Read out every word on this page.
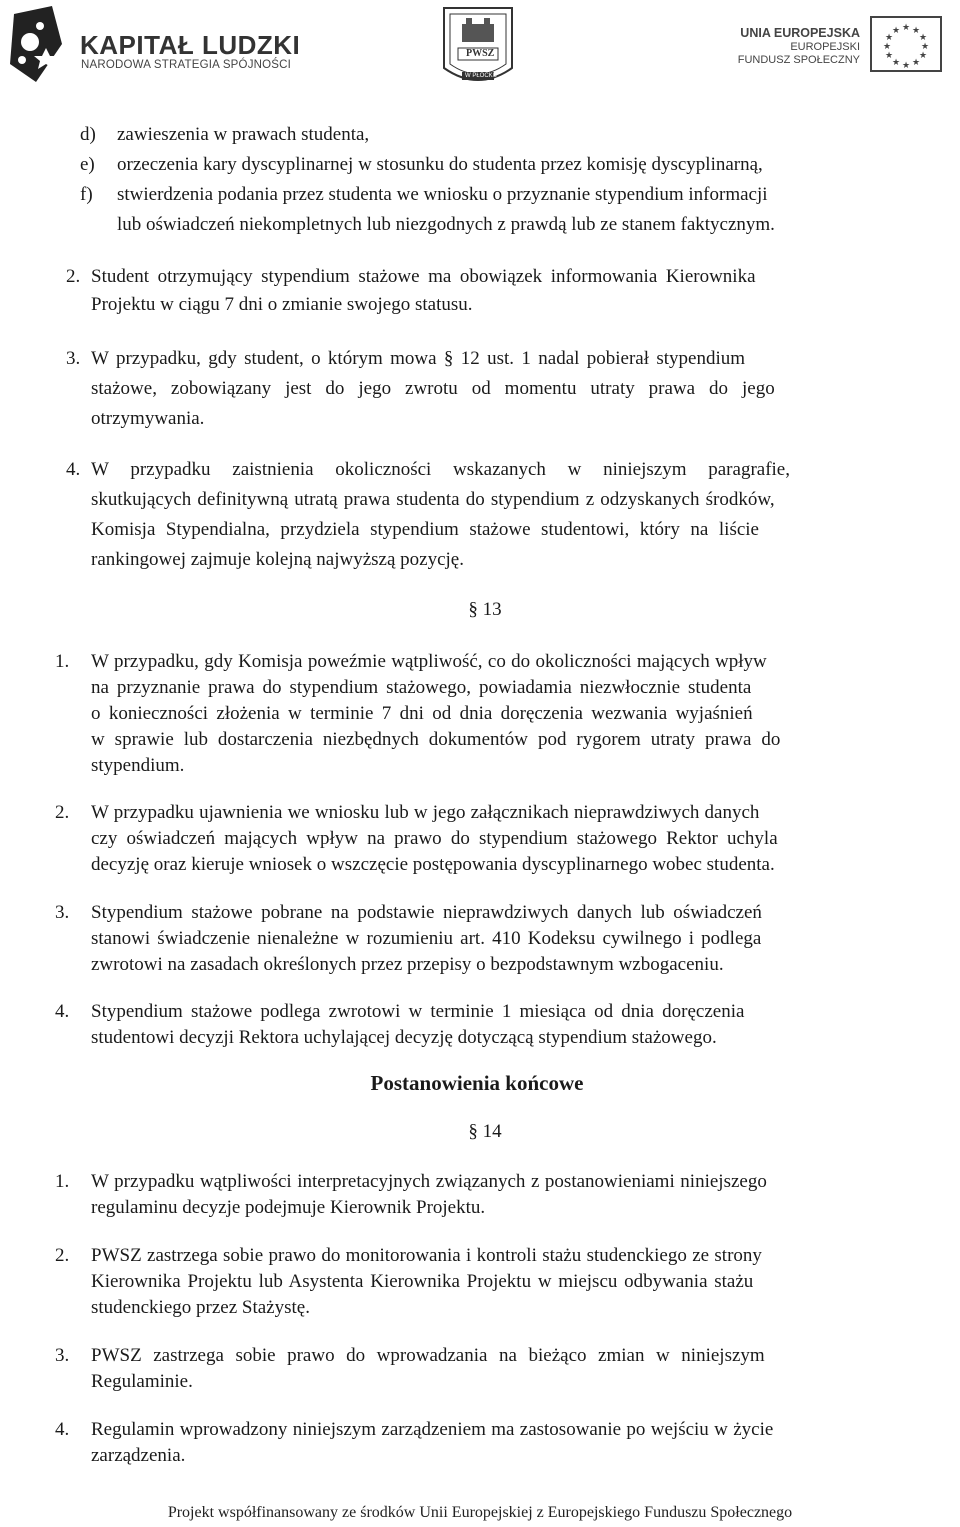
KAPITAŁ LUDZKI
NARODOWA STRATEGIA SPÓJNOŚCI
PWSZ
W PŁOCKU
UNIA EUROPEJSKA
EUROPEJSKI
FUNDUSZ SPOŁECZNY
★ ★
★
★
★
★
★
★
★
★
★
★
d) zawieszenia w prawach studenta,
e) orzeczenia kary dyscyplinarnej w stosunku do studenta przez komisję dyscyplinarną,
f) stwierdzenia podania przez studenta we wniosku o przyznanie stypendium informacji
lub oświadczeń niekompletnych lub niezgodnych z prawdą lub ze stanem faktycznym.
2. Student otrzymujący stypendium stażowe ma obowiązek informowania Kierownika
Projektu w ciągu 7 dni o zmianie swojego statusu.
3. W przypadku, gdy student, o którym mowa § 12 ust. 1 nadal pobierał stypendium
stażowe, zobowiązany jest do jego zwrotu od momentu utraty prawa do jego
otrzymywania.
4. W przypadku zaistnienia okoliczności wskazanych w niniejszym paragrafie,
skutkujących definitywną utratą prawa studenta do stypendium z odzyskanych środków,
Komisja Stypendialna, przydziela stypendium stażowe studentowi, który na liście
rankingowej zajmuje kolejną najwyższą pozycję.
§ 13
1. W przypadku, gdy Komisja poweźmie wątpliwość, co do okoliczności mających wpływ
na przyznanie prawa do stypendium stażowego, powiadamia niezwłocznie studenta
o konieczności złożenia w terminie 7 dni od dnia doręczenia wezwania wyjaśnień
w sprawie lub dostarczenia niezbędnych dokumentów pod rygorem utraty prawa do
stypendium.
2. W przypadku ujawnienia we wniosku lub w jego załącznikach nieprawdziwych danych
czy oświadczeń mających wpływ na prawo do stypendium stażowego Rektor uchyla
decyzję oraz kieruje wniosek o wszczęcie postępowania dyscyplinarnego wobec studenta.
3. Stypendium stażowe pobrane na podstawie nieprawdziwych danych lub oświadczeń
stanowi świadczenie nienależne w rozumieniu art. 410 Kodeksu cywilnego i podlega
zwrotowi na zasadach określonych przez przepisy o bezpodstawnym wzbogaceniu.
4. Stypendium stażowe podlega zwrotowi w terminie 1 miesiąca od dnia doręczenia
studentowi decyzji Rektora uchylającej decyzję dotyczącą stypendium stażowego.
Postanowienia końcowe
§ 14
1. W przypadku wątpliwości interpretacyjnych związanych z postanowieniami niniejszego
regulaminu decyzje podejmuje Kierownik Projektu.
2. PWSZ zastrzega sobie prawo do monitorowania i kontroli stażu studenckiego ze strony
Kierownika Projektu lub Asystenta Kierownika Projektu w miejscu odbywania stażu
studenckiego przez Stażystę.
3. PWSZ zastrzega sobie prawo do wprowadzania na bieżąco zmian w niniejszym
Regulaminie.
4. Regulamin wprowadzony niniejszym zarządzeniem ma zastosowanie po wejściu w życie
zarządzenia.
Projekt współfinansowany ze środków Unii Europejskiej z Europejskiego Funduszu Społecznego
